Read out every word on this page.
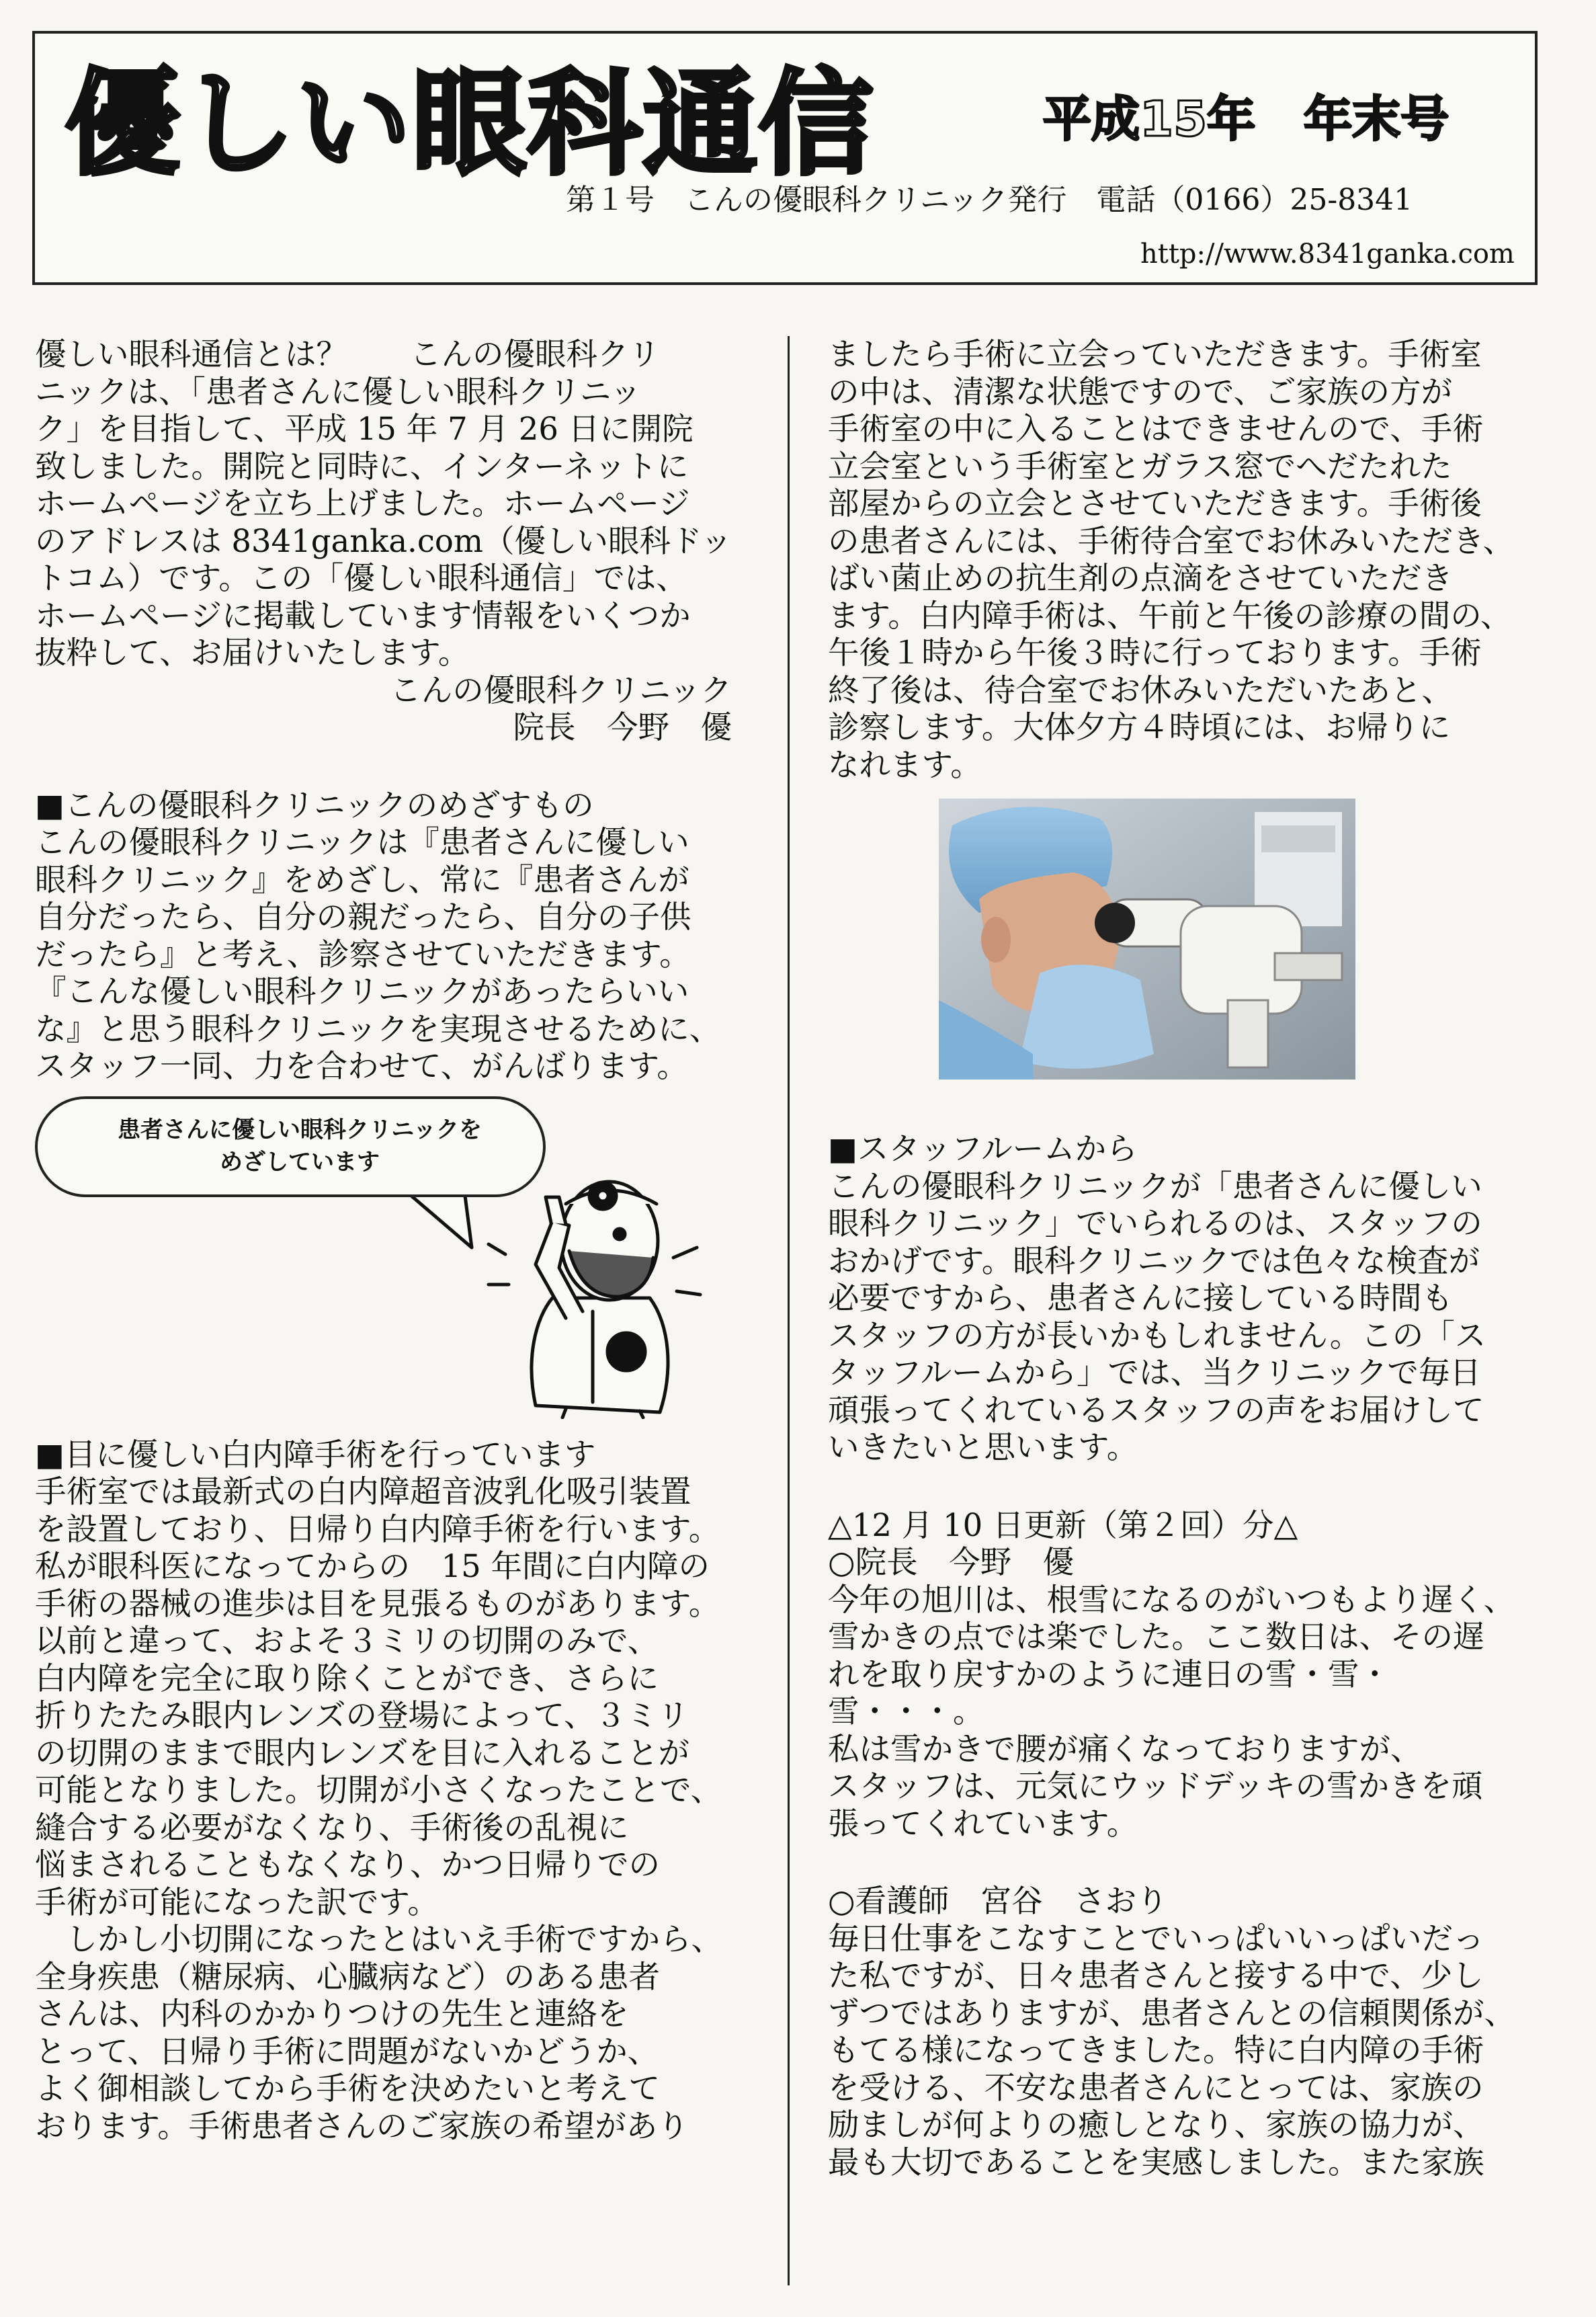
優しい眼科通信	平成15年　年末号
第１号　こんの優眼科クリニック発行　電話（0166）25-8341
http://www.8341ganka.com

優しい眼科通信とは？　　こんの優眼科クリ

ニックは、「患者さんに優しい眼科クリニッ

ク」を目指して、平成 15 年 7 月 26 日に開院

致しました。開院と同時に、インターネットに

ホームページを立ち上げました。ホームページ

のアドレスは 8341ganka.com（優しい眼科ドッ

トコム）です。この「優しい眼科通信」では、

ホームページに掲載しています情報をいくつか

抜粋して、お届けいたします。

こんの優眼科クリニック

院長　今野　優

■こんの優眼科クリニックのめざすもの

こんの優眼科クリニックは『患者さんに優しい

眼科クリニック』をめざし、常に『患者さんが

自分だったら、自分の親だったら、自分の子供

だったら』と考え、診察させていただきます。

『こんな優しい眼科クリニックがあったらいい

な』と思う眼科クリニックを実現させるために、

スタッフ一同、力を合わせて、がんばります。

患者さんに優しい眼科クリニックを
めざしています

■目に優しい白内障手術を行っています

手術室では最新式の白内障超音波乳化吸引装置

を設置しており、日帰り白内障手術を行います。

私が眼科医になってからの　15 年間に白内障の

手術の器械の進歩は目を見張るものがあります。

以前と違って、およそ３ミリの切開のみで、

白内障を完全に取り除くことができ、さらに

折りたたみ眼内レンズの登場によって、３ミリ

の切開のままで眼内レンズを目に入れることが

可能となりました。切開が小さくなったことで、

縫合する必要がなくなり、手術後の乱視に

悩まされることもなくなり、かつ日帰りでの

手術が可能になった訳です。

しかし小切開になったとはいえ手術ですから、

全身疾患（糖尿病、心臓病など）のある患者

さんは、内科のかかりつけの先生と連絡を

とって、日帰り手術に問題がないかどうか、

よく御相談してから手術を決めたいと考えて

おります。手術患者さんのご家族の希望があり

ましたら手術に立会っていただきます。手術室

の中は、清潔な状態ですので、ご家族の方が

手術室の中に入ることはできませんので、手術

立会室という手術室とガラス窓でへだたれた

部屋からの立会とさせていただきます。手術後

の患者さんには、手術待合室でお休みいただき、

ばい菌止めの抗生剤の点滴をさせていただき

ます。白内障手術は、午前と午後の診療の間の、

午後１時から午後３時に行っております。手術

終了後は、待合室でお休みいただいたあと、

診察します。大体夕方４時頃には、お帰りに

なれます。

■スタッフルームから

こんの優眼科クリニックが「患者さんに優しい

眼科クリニック」でいられるのは、スタッフの

おかげです。眼科クリニックでは色々な検査が

必要ですから、患者さんに接している時間も

スタッフの方が長いかもしれません。この「ス

タッフルームから」では、当クリニックで毎日

頑張ってくれているスタッフの声をお届けして

いきたいと思います。

△12 月 10 日更新（第２回）分△

○院長　今野　優

今年の旭川は、根雪になるのがいつもより遅く、

雪かきの点では楽でした。ここ数日は、その遅

れを取り戻すかのように連日の雪・雪・雪・・・。

私は雪かきで腰が痛くなっておりますが、

スタッフは、元気にウッドデッキの雪かきを頑

張ってくれています。

○看護師　宮谷　さおり

毎日仕事をこなすことでいっぱいいっぱいだっ

た私ですが、日々患者さんと接する中で、少し

ずつではありますが、患者さんとの信頼関係が、

もてる様になってきました。特に白内障の手術

を受ける、不安な患者さんにとっては、家族の

励ましが何よりの癒しとなり、家族の協力が、

最も大切であることを実感しました。また家族
